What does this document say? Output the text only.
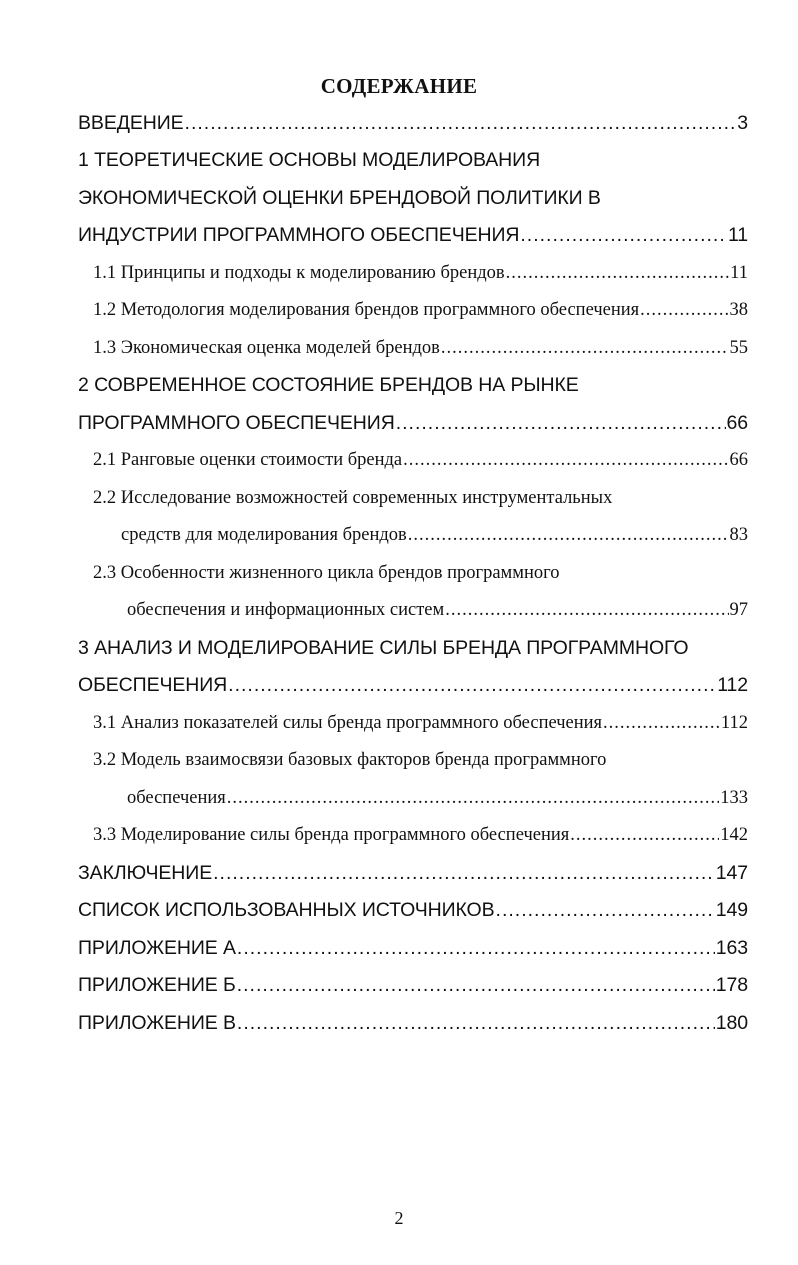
СОДЕРЖАНИЕ
ВВЕДЕНИЕ .....	3
1 ТЕОРЕТИЧЕСКИЕ ОСНОВЫ МОДЕЛИРОВАНИЯ
ЭКОНОМИЧЕСКОЙ ОЦЕНКИ БРЕНДОВОЙ ПОЛИТИКИ В
ИНДУСТРИИ ПРОГРАММНОГО ОБЕСПЕЧЕНИЯ .....	11
1.1 Принципы и подходы к моделированию брендов .....	11
1.2 Методология моделирования брендов программного обеспечения .....	38
1.3 Экономическая оценка моделей брендов .....	55
2 СОВРЕМЕННОЕ СОСТОЯНИЕ БРЕНДОВ НА РЫНКЕ
ПРОГРАММНОГО ОБЕСПЕЧЕНИЯ .....	66
2.1 Ранговые оценки стоимости бренда .....	66
2.2 Исследование возможностей современных инструментальных
средств для моделирования брендов .....	83
2.3 Особенности жизненного цикла брендов программного
обеспечения и информационных систем .....	97
3 АНАЛИЗ И МОДЕЛИРОВАНИЕ СИЛЫ БРЕНДА ПРОГРАММНОГО
ОБЕСПЕЧЕНИЯ .....	112
3.1 Анализ показателей силы бренда программного обеспечения .....	112
3.2 Модель взаимосвязи базовых факторов бренда программного
обеспечения .....	133
3.3 Моделирование силы бренда программного обеспечения .....	142
ЗАКЛЮЧЕНИЕ .....	147
СПИСОК ИСПОЛЬЗОВАННЫХ ИСТОЧНИКОВ .....	149
ПРИЛОЖЕНИЕ А .....	163
ПРИЛОЖЕНИЕ Б .....	178
ПРИЛОЖЕНИЕ В .....	180
2
